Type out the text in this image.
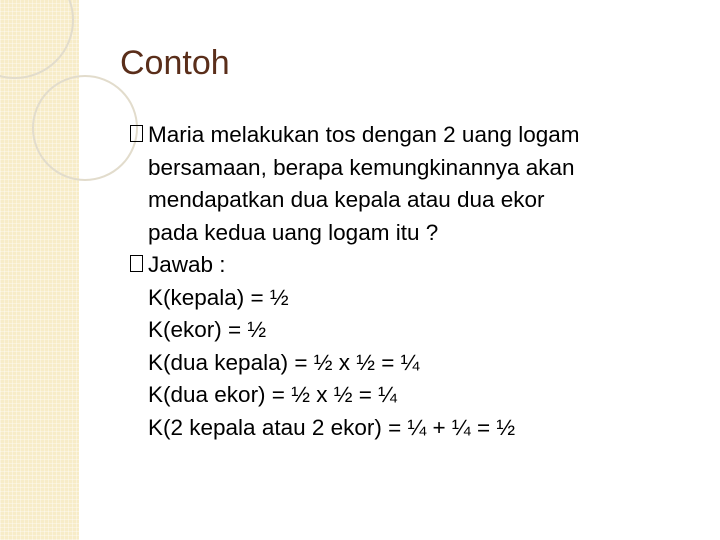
Contoh
Maria melakukan tos dengan 2 uang logam
bersamaan, berapa kemungkinannya akan
mendapatkan dua kepala atau dua ekor
pada kedua uang logam itu ?
Jawab :
K(kepala) = ½
K(ekor) = ½
K(dua kepala) = ½ x ½ = ¼
K(dua ekor) = ½ x ½ = ¼
K(2 kepala atau 2 ekor) = ¼ + ¼ = ½
